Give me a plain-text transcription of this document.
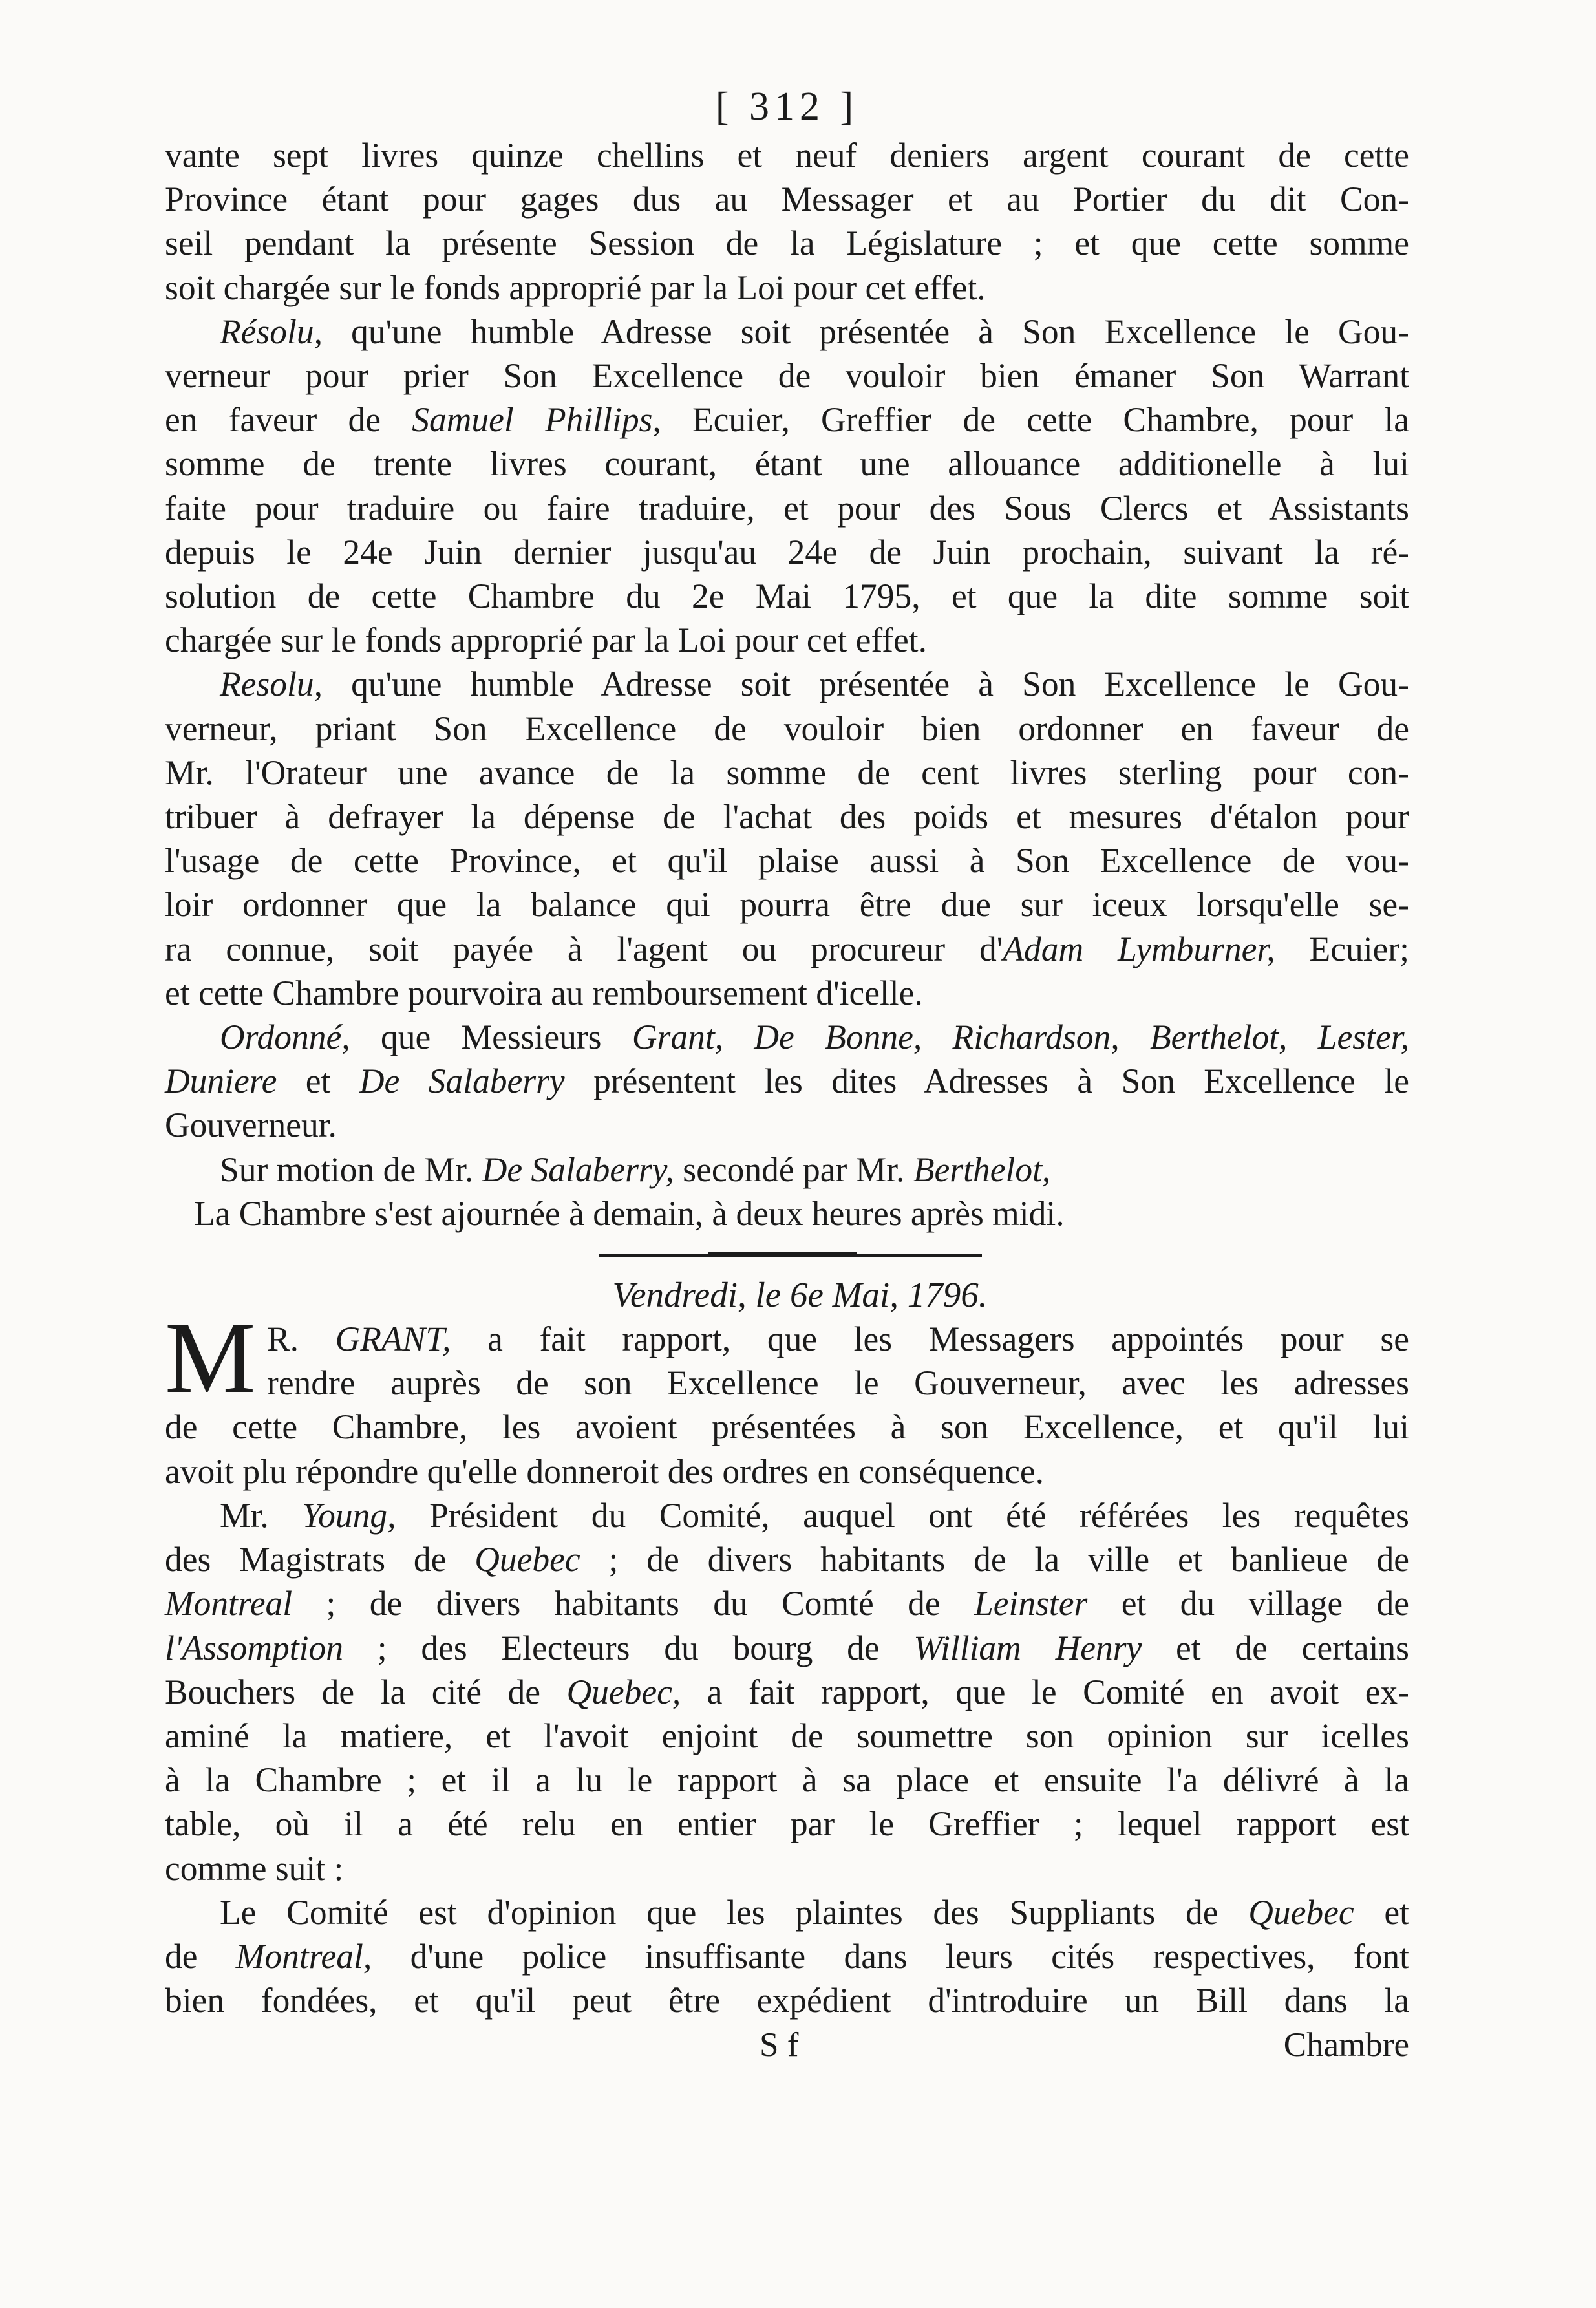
[ 312 ]

vante sept livres quinze chellins et neuf deniers argent courant de cette
Province étant pour gages dus au Messager et au Portier du dit Con-
seil pendant la présente Session de la Législature ; et que cette somme
soit chargée sur le fonds approprié par la Loi pour cet effet.

Résolu, qu'une humble Adresse soit présentée à Son Excellence le Gou-
verneur pour prier Son Excellence de vouloir bien émaner Son Warrant
en faveur de Samuel Phillips, Ecuier, Greffier de cette Chambre, pour la
somme de trente livres courant, étant une allouance additionelle à lui
faite pour traduire ou faire traduire, et pour des Sous Clercs et Assistants
depuis le 24e Juin dernier jusqu'au 24e de Juin prochain, suivant la ré-
solution de cette Chambre du 2e Mai 1795, et que la dite somme soit
chargée sur le fonds approprié par la Loi pour cet effet.

Resolu, qu'une humble Adresse soit présentée à Son Excellence le Gou-
verneur, priant Son Excellence de vouloir bien ordonner en faveur de
Mr. l'Orateur une avance de la somme de cent livres sterling pour con-
tribuer à defrayer la dépense de l'achat des poids et mesures d'étalon pour
l'usage de cette Province, et qu'il plaise aussi à Son Excellence de vou-
loir ordonner que la balance qui pourra être due sur iceux lorsqu'elle se-
ra connue, soit payée à l'agent ou procureur d'Adam Lymburner, Ecuier;
et cette Chambre pourvoira au remboursement d'icelle.

Ordonné, que Messieurs Grant, De Bonne, Richardson, Berthelot, Lester,
Duniere et De Salaberry présentent les dites Adresses à Son Excellence le
Gouverneur.

Sur motion de Mr. De Salaberry, secondé par Mr. Berthelot,

La Chambre s'est ajournée à demain, à deux heures après midi.

Vendredi, le 6e Mai, 1796.

M R. GRANT, a fait rapport, que les Messagers appointés pour se
rendre auprès de son Excellence le Gouverneur, avec les adresses
de cette Chambre, les avoient présentées à son Excellence, et qu'il lui
avoit plu répondre qu'elle donneroit des ordres en conséquence.

Mr. Young, Président du Comité, auquel ont été référées les requêtes
des Magistrats de Quebec ; de divers habitants de la ville et banlieue de
Montreal ; de divers habitants du Comté de Leinster et du village de
l'Assomption ; des Electeurs du bourg de William Henry et de certains
Bouchers de la cité de Quebec, a fait rapport, que le Comité en avoit ex-
aminé la matiere, et l'avoit enjoint de soumettre son opinion sur icelles
à la Chambre ; et il a lu le rapport à sa place et ensuite l'a délivré à la
table, où il a été relu en entier par le Greffier ; lequel rapport est
comme suit :

Le Comité est d'opinion que les plaintes des Suppliants de Quebec et
de Montreal, d'une police insuffisante dans leurs cités respectives, font
bien fondées, et qu'il peut être expédient d'introduire un Bill dans la

S f	Chambre
